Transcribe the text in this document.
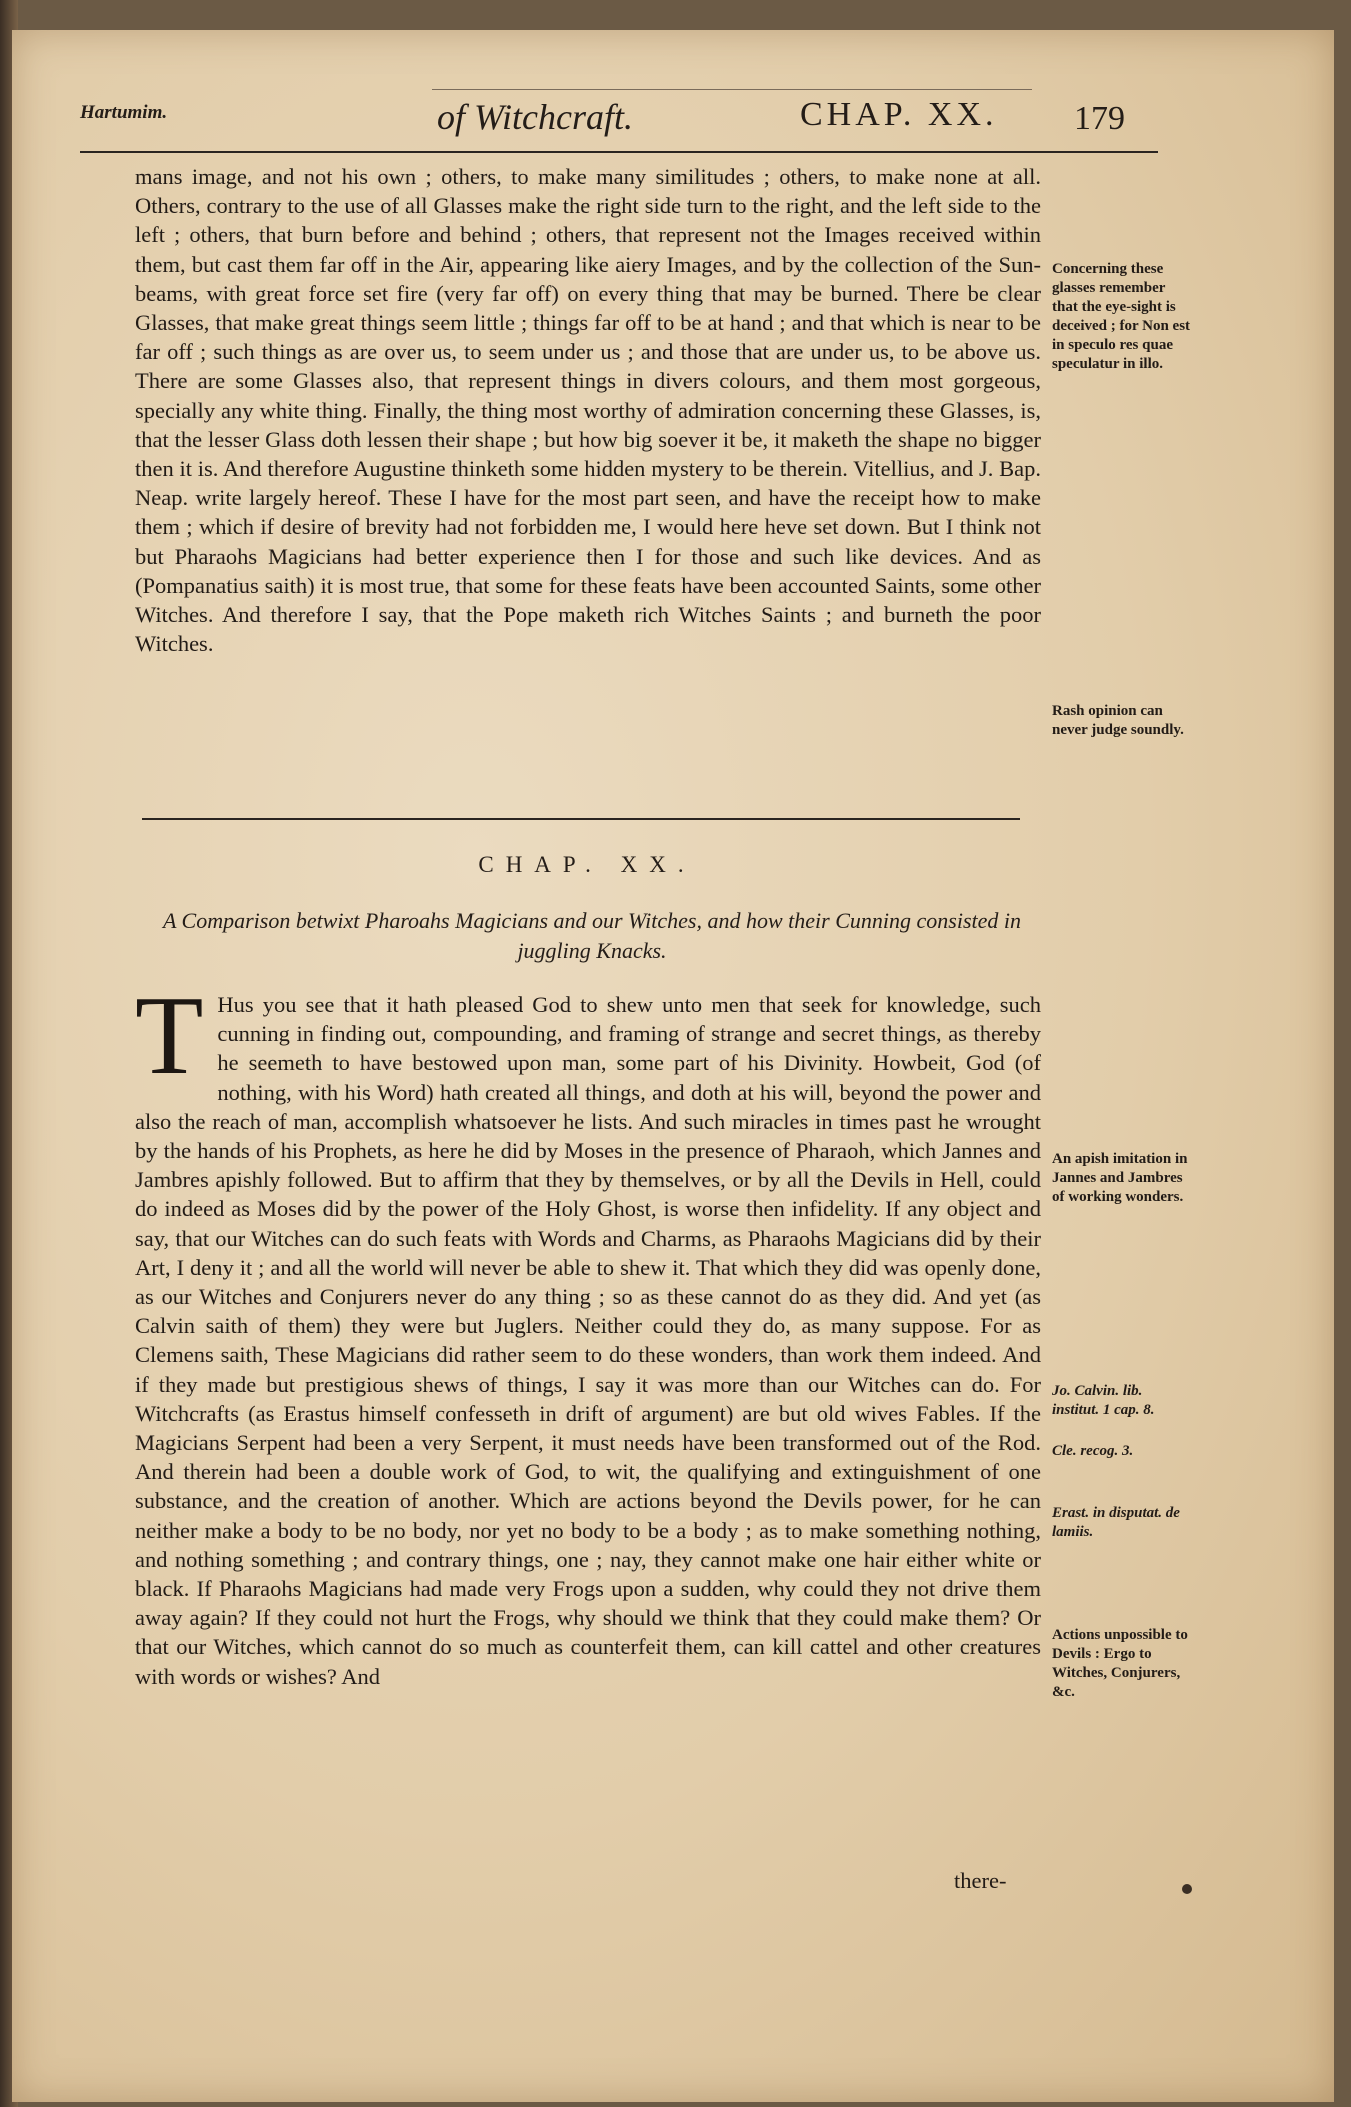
Hartumim.	of Witchcraft.	CHAP. XX. 179

mans image, and not his own ; others, to make many similitudes ; others, to make none at all. Others, contrary to the use of all Glasses make the right side turn to the right, and the left side to the left ; others, that burn before and behind ; others, that represent not the Images received within them, but cast them far off in the Air, appearing like aiery Images, and by the collection of the Sun-beams, with great force set fire (very far off) on every thing that may be burned. There be clear Glasses, that make great things seem little ; things far off to be at hand ; and that which is near to be far off ; such things as are over us, to seem under us ; and those that are under us, to be above us. There are some Glasses also, that represent things in divers colours, and them most gorgeous, specially any white thing. Finally, the thing most worthy of admiration concerning these Glasses, is, that the lesser Glass doth lessen their shape ; but how big soever it be, it maketh the shape no bigger then it is. And therefore Augustine thinketh some hidden mystery to be therein. Vitellius, and J. Bap. Neap. write largely hereof. These I have for the most part seen, and have the receipt how to make them ; which if desire of brevity had not forbidden me, I would here heve set down. But I think not but Pharaohs Magicians had better experience then I for those and such like devices. And as (Pompanatius saith) it is most true, that some for these feats have been accounted Saints, some other Witches. And therefore I say, that the Pope maketh rich Witches Saints ; and burneth the poor Witches.

Concerning these glasses remember that the eye-sight is deceived ; for Non est in speculo res quae speculatur in illo.
Rash opinion can never judge soundly.
CHAP. XX.
A Comparison betwixt Pharoahs Magicians and our Witches, and how their Cunning consisted in juggling Knacks.
T Hus you see that it hath pleased God to shew unto men that seek for knowledge, such cunning in finding out, compounding, and framing of strange and secret things, as thereby he seemeth to have bestowed upon man, some part of his Divinity. Howbeit, God (of nothing, with his Word) hath created all things, and doth at his will, beyond the power and also the reach of man, accomplish whatsoever he lists. And such miracles in times past he wrought by the hands of his Prophets, as here he did by Moses in the presence of Pharaoh, which Jannes and Jambres apishly followed. But to affirm that they by themselves, or by all the Devils in Hell, could do indeed as Moses did by the power of the Holy Ghost, is worse then infidelity. If any object and say, that our Witches can do such feats with Words and Charms, as Pharaohs Magicians did by their Art, I deny it ; and all the world will never be able to shew it. That which they did was openly done, as our Witches and Conjurers never do any thing ; so as these cannot do as they did. And yet (as Calvin saith of them) they were but Juglers. Neither could they do, as many suppose. For as Clemens saith, These Magicians did rather seem to do these wonders, than work them indeed. And if they made but prestigious shews of things, I say it was more than our Witches can do. For Witchcrafts (as Erastus himself confesseth in drift of argument) are but old wives Fables. If the Magicians Serpent had been a very Serpent, it must needs have been transformed out of the Rod. And therein had been a double work of God, to wit, the qualifying and extinguishment of one substance, and the creation of another. Which are actions beyond the Devils power, for he can neither make a body to be no body, nor yet no body to be a body ; as to make something nothing, and nothing something ; and contrary things, one ; nay, they cannot make one hair either white or black. If Pharaohs Magicians had made very Frogs upon a sudden, why could they not drive them away again? If they could not hurt the Frogs, why should we think that they could make them? Or that our Witches, which cannot do so much as counterfeit them, can kill cattel and other creatures with words or wishes? And

An apish imitation in Jannes and Jambres of working wonders.
Jo. Calvin. lib. institut. 1 cap. 8.
Cle. recog. 3.
Erast. in disputat. de lamiis.
Actions unpossible to Devils : Ergo to Witches, Conjurers, &c.
there-
